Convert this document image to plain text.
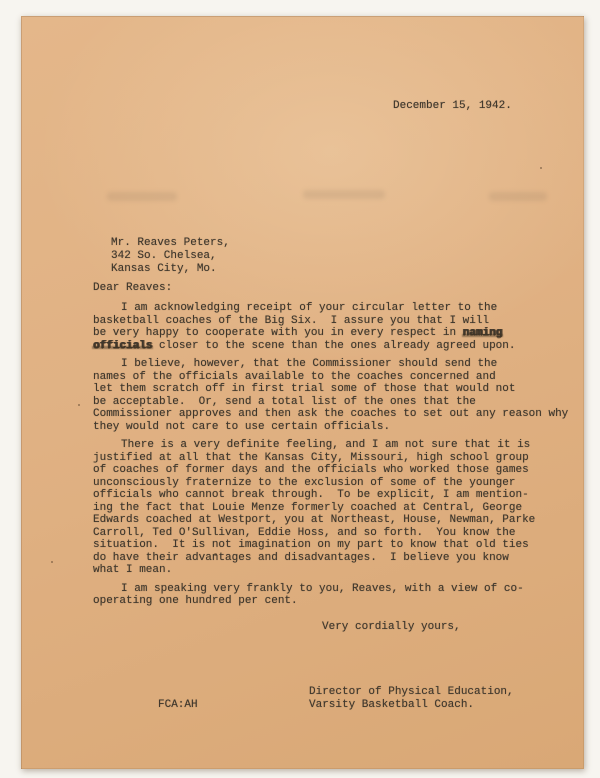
December 15, 1942.
Mr. Reaves Peters,
342 So. Chelsea,
Kansas City, Mo.
Dear Reaves:
I am acknowledging receipt of your circular letter to the
basketball coaches of the Big Six.  I assure you that I will
be very happy to cooperate with you in every respect in naming
officials closer to the scene than the ones already agreed upon.
I believe, however, that the Commissioner should send the
names of the officials available to the coaches concerned and
let them scratch off in first trial some of those that would not
be acceptable.  Or, send a total list of the ones that the
Commissioner approves and then ask the coaches to set out any reason why
they would not care to use certain officials.
There is a very definite feeling, and I am not sure that it is
justified at all that the Kansas City, Missouri, high school group
of coaches of former days and the officials who worked those games
unconsciously fraternize to the exclusion of some of the younger
officials who cannot break through.  To be explicit, I am mention-
ing the fact that Louie Menze formerly coached at Central, George
Edwards coached at Westport, you at Northeast, House, Newman, Parke
Carroll, Ted O'Sullivan, Eddie Hoss, and so forth.  You know the
situation.  It is not imagination on my part to know that old ties
do have their advantages and disadvantages.  I believe you know
what I mean.
I am speaking very frankly to you, Reaves, with a view of co-
operating one hundred per cent.
Very cordially yours,
Director of Physical Education,
Varsity Basketball Coach.
FCA:AH
